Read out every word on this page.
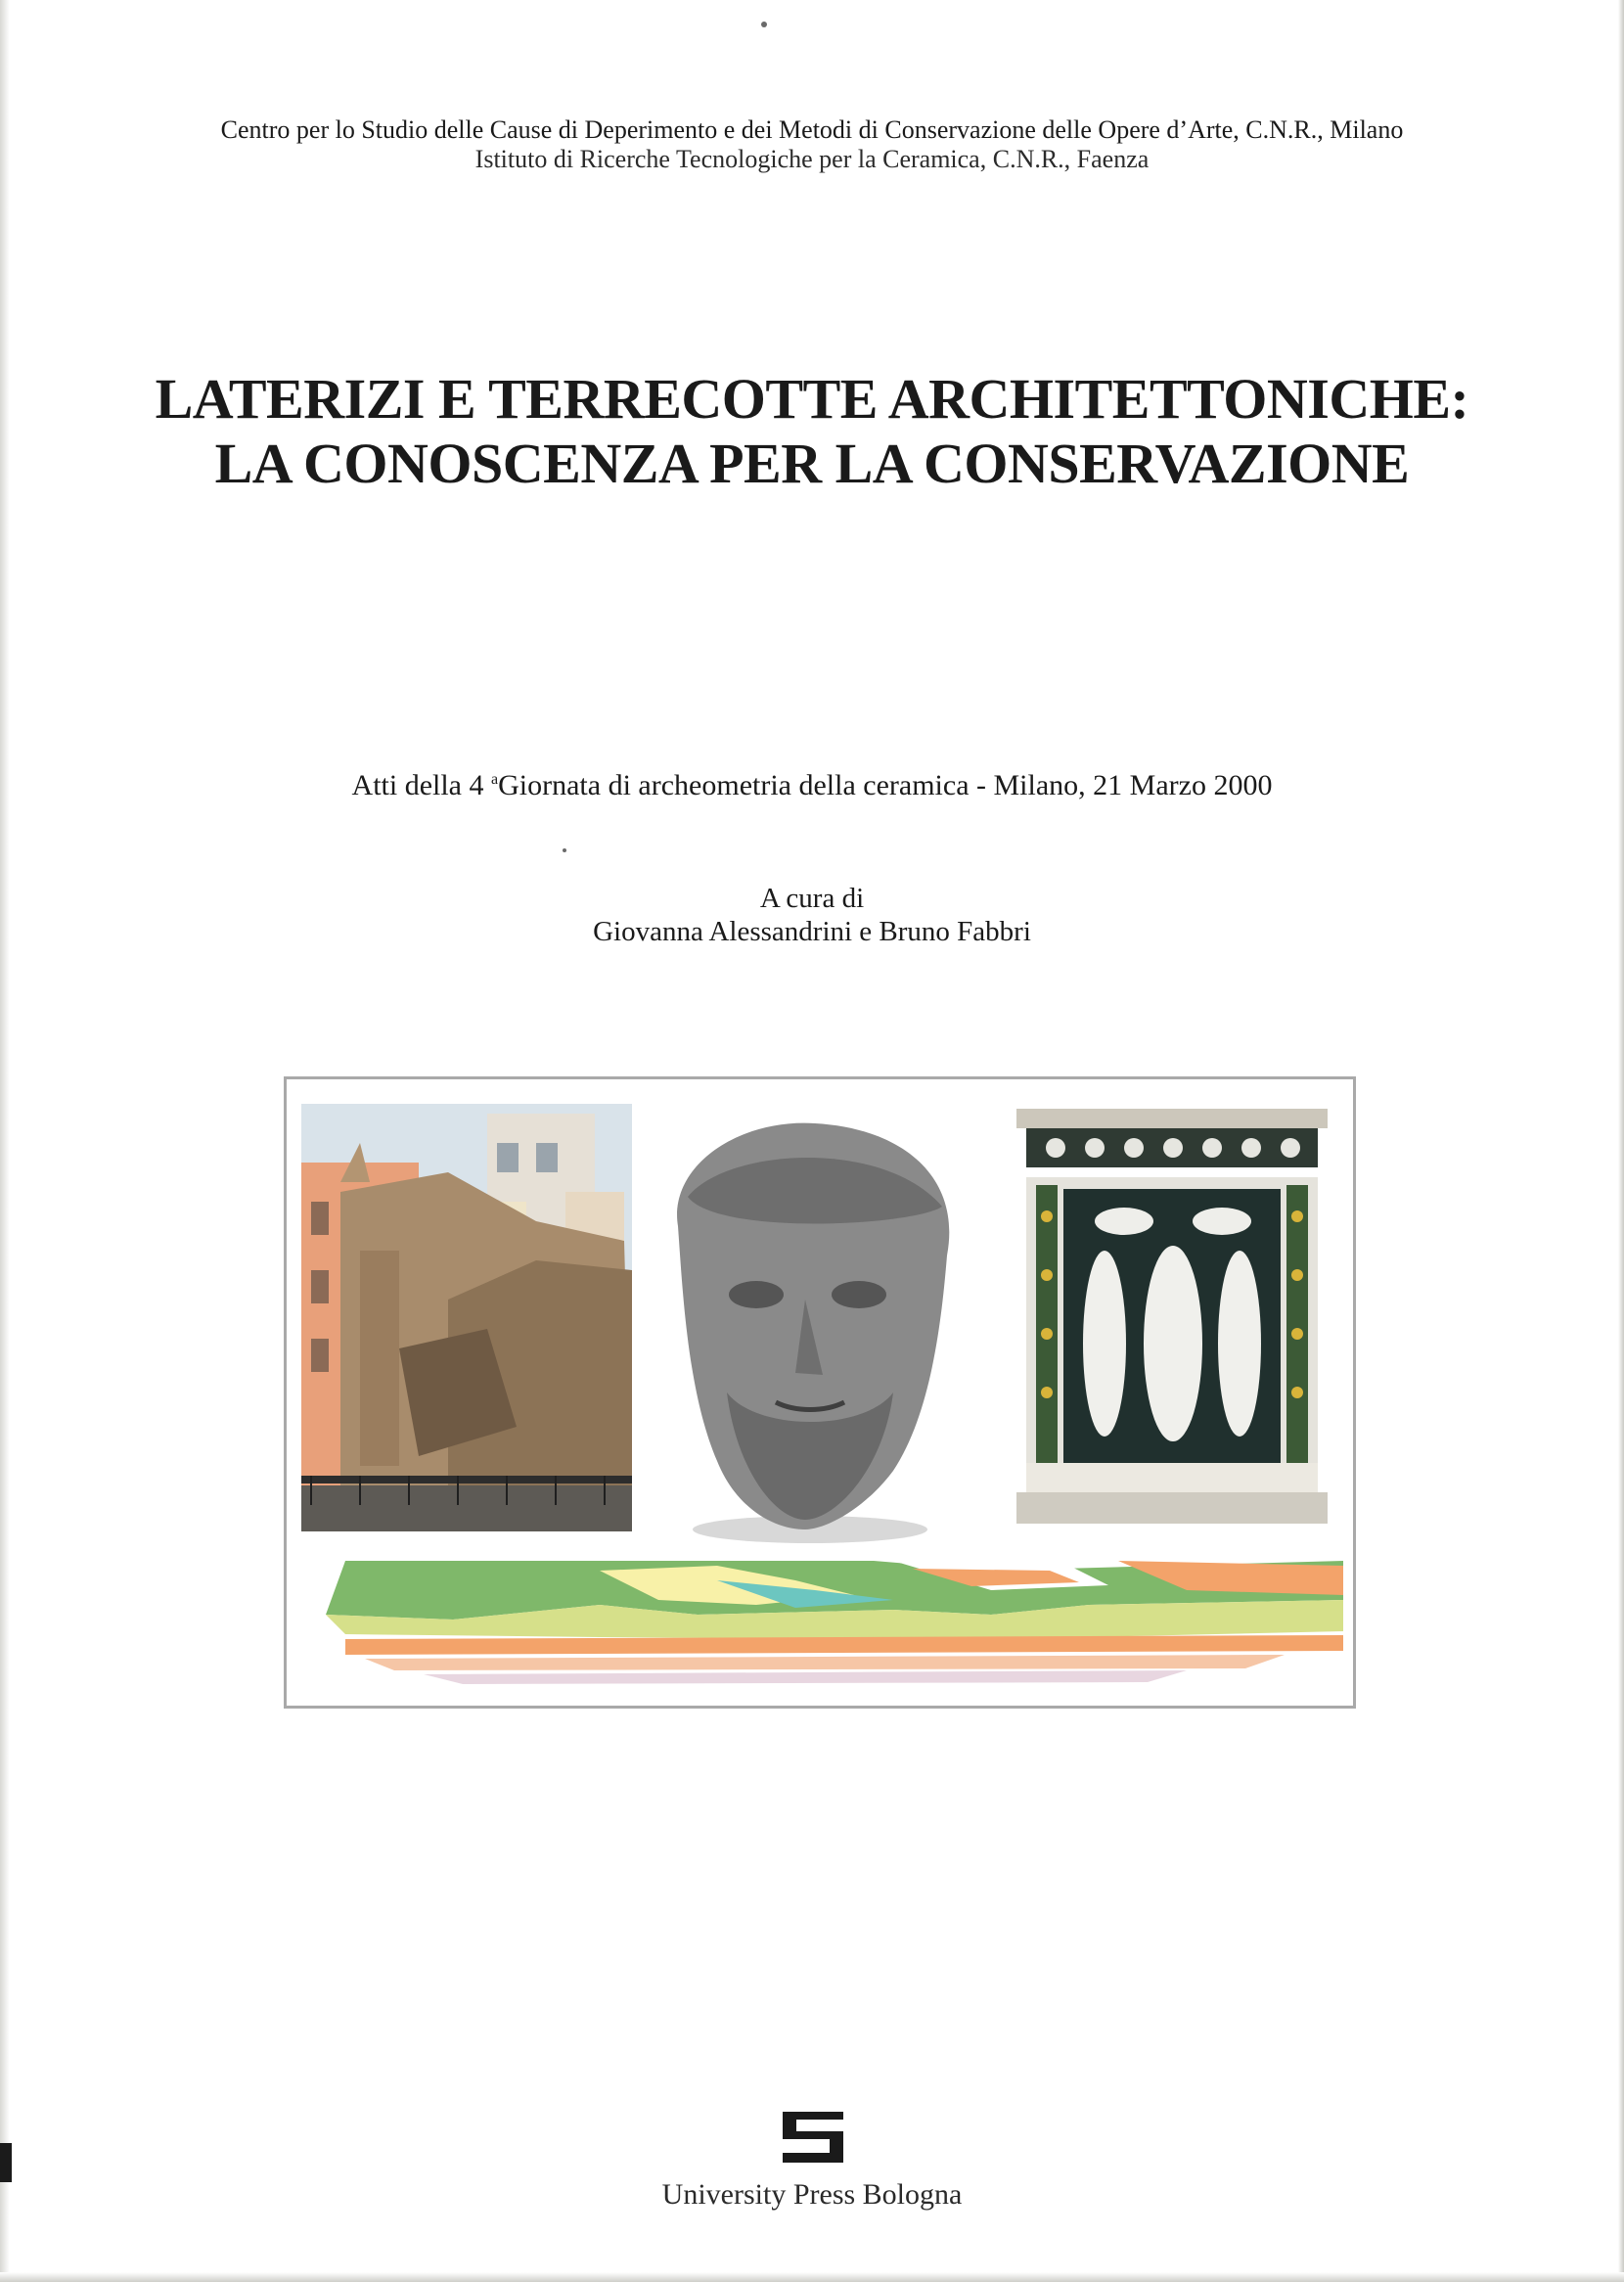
Centro per lo Studio delle Cause di Deperimento e dei Metodi di Conservazione delle Opere d’Arte, C.N.R., Milano
Istituto di Ricerche Tecnologiche per la Ceramica, C.N.R., Faenza
LATERIZI E TERRECOTTE ARCHITETTONICHE:
LA CONOSCENZA PER LA CONSERVAZIONE
Atti della 4 $^a$Giornata di archeometria della ceramica - Milano, 21 Marzo 2000
A cura di
Giovanna Alessandrini e Bruno Fabbri
University Press Bologna
